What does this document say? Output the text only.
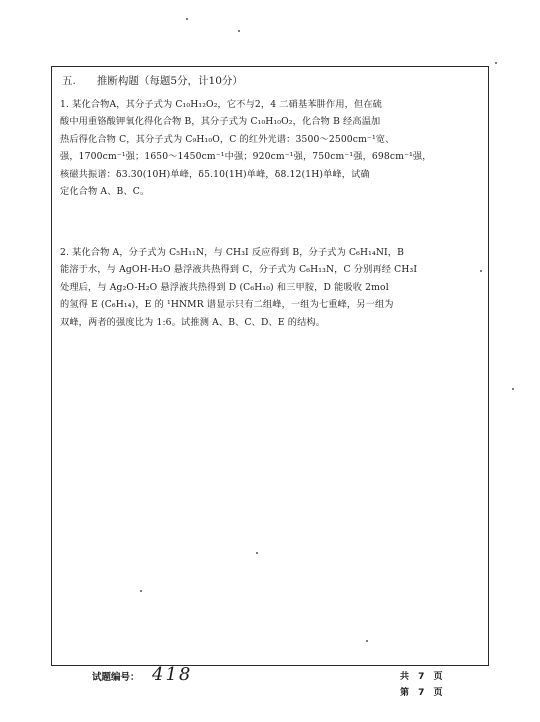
五.　　推断构题（每题5分，计10分）

1. 某化合物A，其分子式为 C₁₀H₁₂O₂，它不与2，4 二硝基苯肼作用，但在硫
酸中用重铬酸钾氧化得化合物 B，其分子式为 C₁₀H₁₀O₂，化合物 B 经高温加
热后得化合物 C，其分子式为 C₉H₁₀O，C 的红外光谱：3500～2500cm⁻¹宽、
强，1700cm⁻¹强；1650～1450cm⁻¹中强；920cm⁻¹强，750cm⁻¹强，698cm⁻¹强，
核磁共振谱：δ3.30(10H)单峰，δ5.10(1H)单峰，δ8.12(1H)单峰，试确
定化合物 A、B、C。

2. 某化合物 A，分子式为 C₅H₁₁N，与 CH₃I 反应得到 B，分子式为 C₆H₁₄NI，B
能溶于水，与 AgOH-H₂O 悬浮液共热得到 C，分子式为 C₆H₁₃N，C 分别再经 CH₃I
处理后，与 Ag₂O-H₂O 悬浮液共热得到 D (C₆H₁₀) 和三甲胺，D 能吸收 2mol
的氢得 E (C₆H₁₄)，E 的 ¹HNMR 谱显示只有二组峰，一组为七重峰，另一组为
双峰，两者的强度比为 1:6。试推测 A、B、C、D、E 的结构。

试题编号： 418	共 7 页
第 7 页
